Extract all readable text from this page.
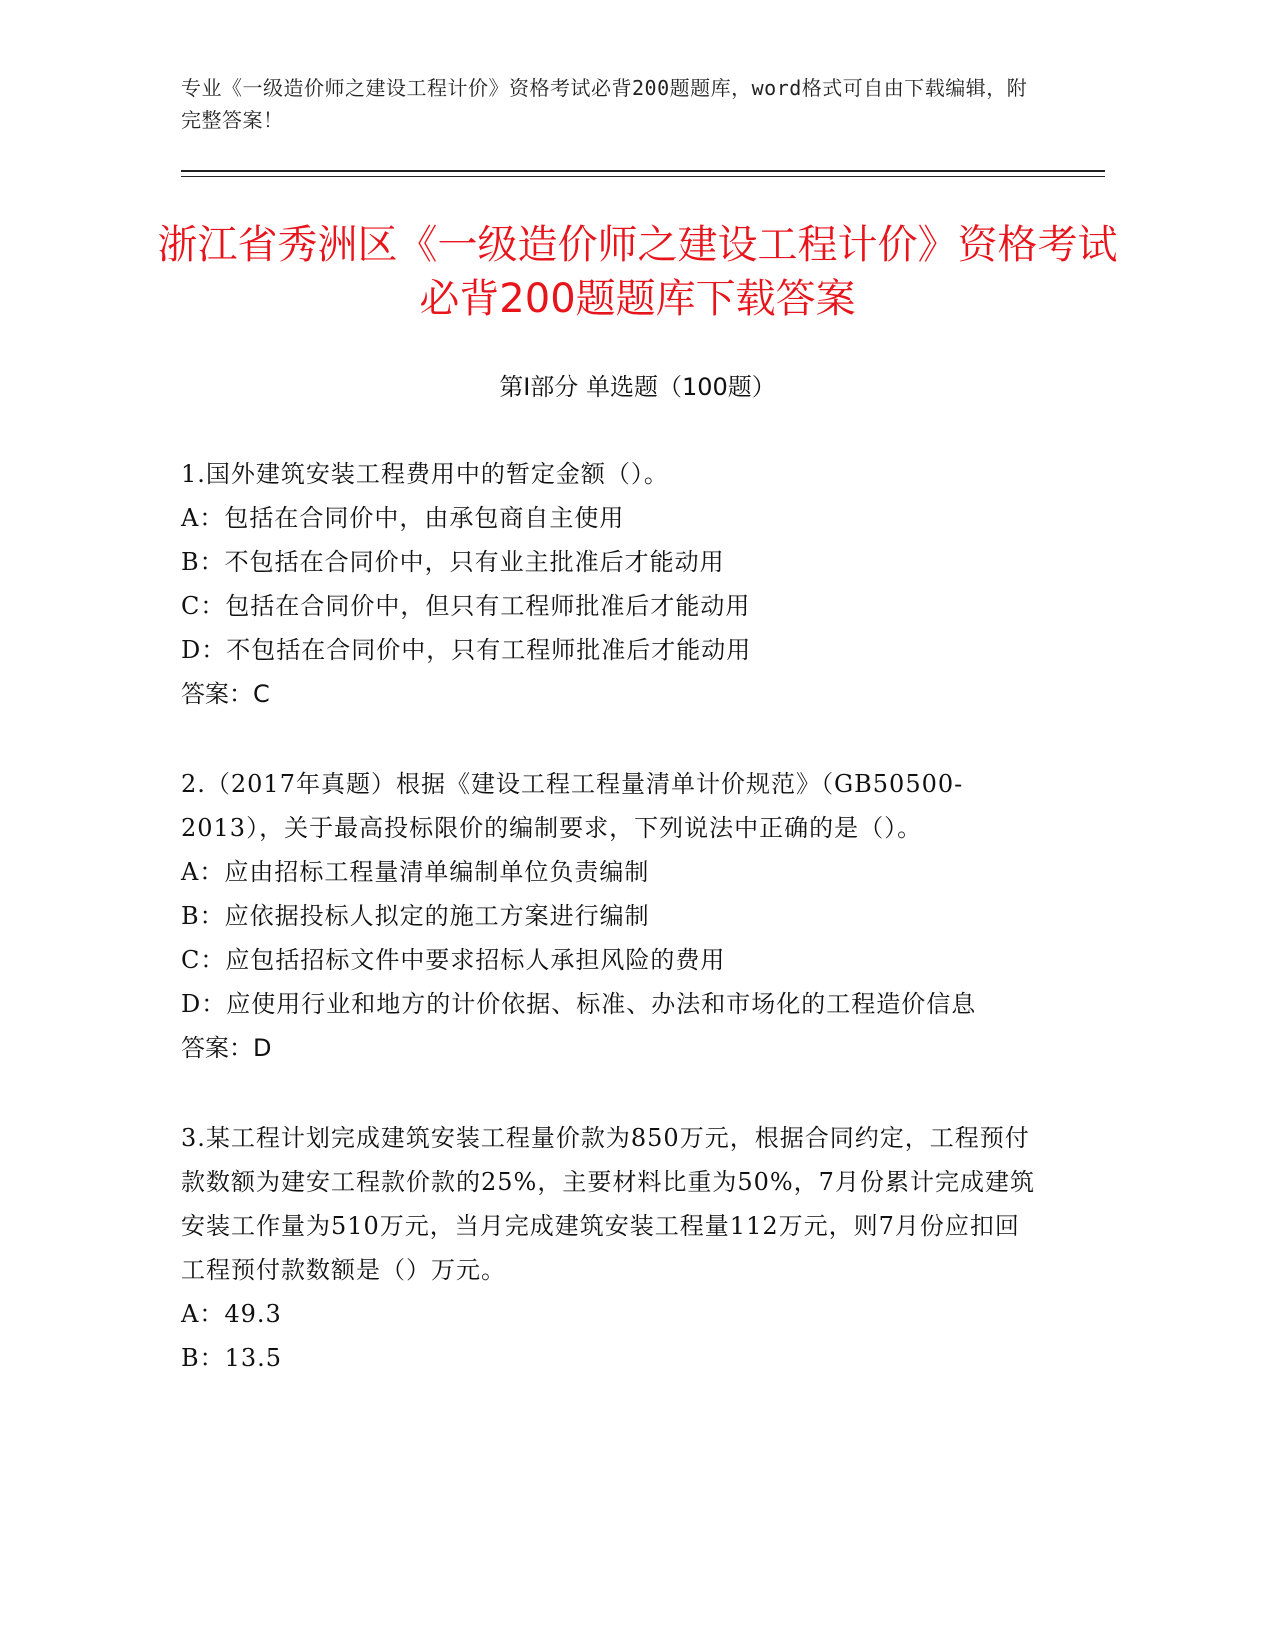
专业《一级造价师之建设工程计价》资格考试必背200题题库，word格式可自由下载编辑，附完整答案！
浙江省秀洲区《一级造价师之建设工程计价》资格考试必背200题题库下载答案
第I部分 单选题（100题）
1.国外建筑安装工程费用中的暂定金额（）。
A：包括在合同价中，由承包商自主使用
B：不包括在合同价中，只有业主批准后才能动用
C：包括在合同价中，但只有工程师批准后才能动用
D：不包括在合同价中，只有工程师批准后才能动用
答案：C
2.（2017年真题）根据《建设工程工程量清单计价规范》（GB50500-2013），关于最高投标限价的编制要求，下列说法中正确的是（）。
A：应由招标工程量清单编制单位负责编制
B：应依据投标人拟定的施工方案进行编制
C：应包括招标文件中要求招标人承担风险的费用
D：应使用行业和地方的计价依据、标准、办法和市场化的工程造价信息
答案：D
3.某工程计划完成建筑安装工程量价款为850万元，根据合同约定，工程预付款数额为建安工程款价款的25%，主要材料比重为50%，7月份累计完成建筑安装工作量为510万元，当月完成建筑安装工程量112万元，则7月份应扣回工程预付款数额是（）万元。
A：49.3
B：13.5
